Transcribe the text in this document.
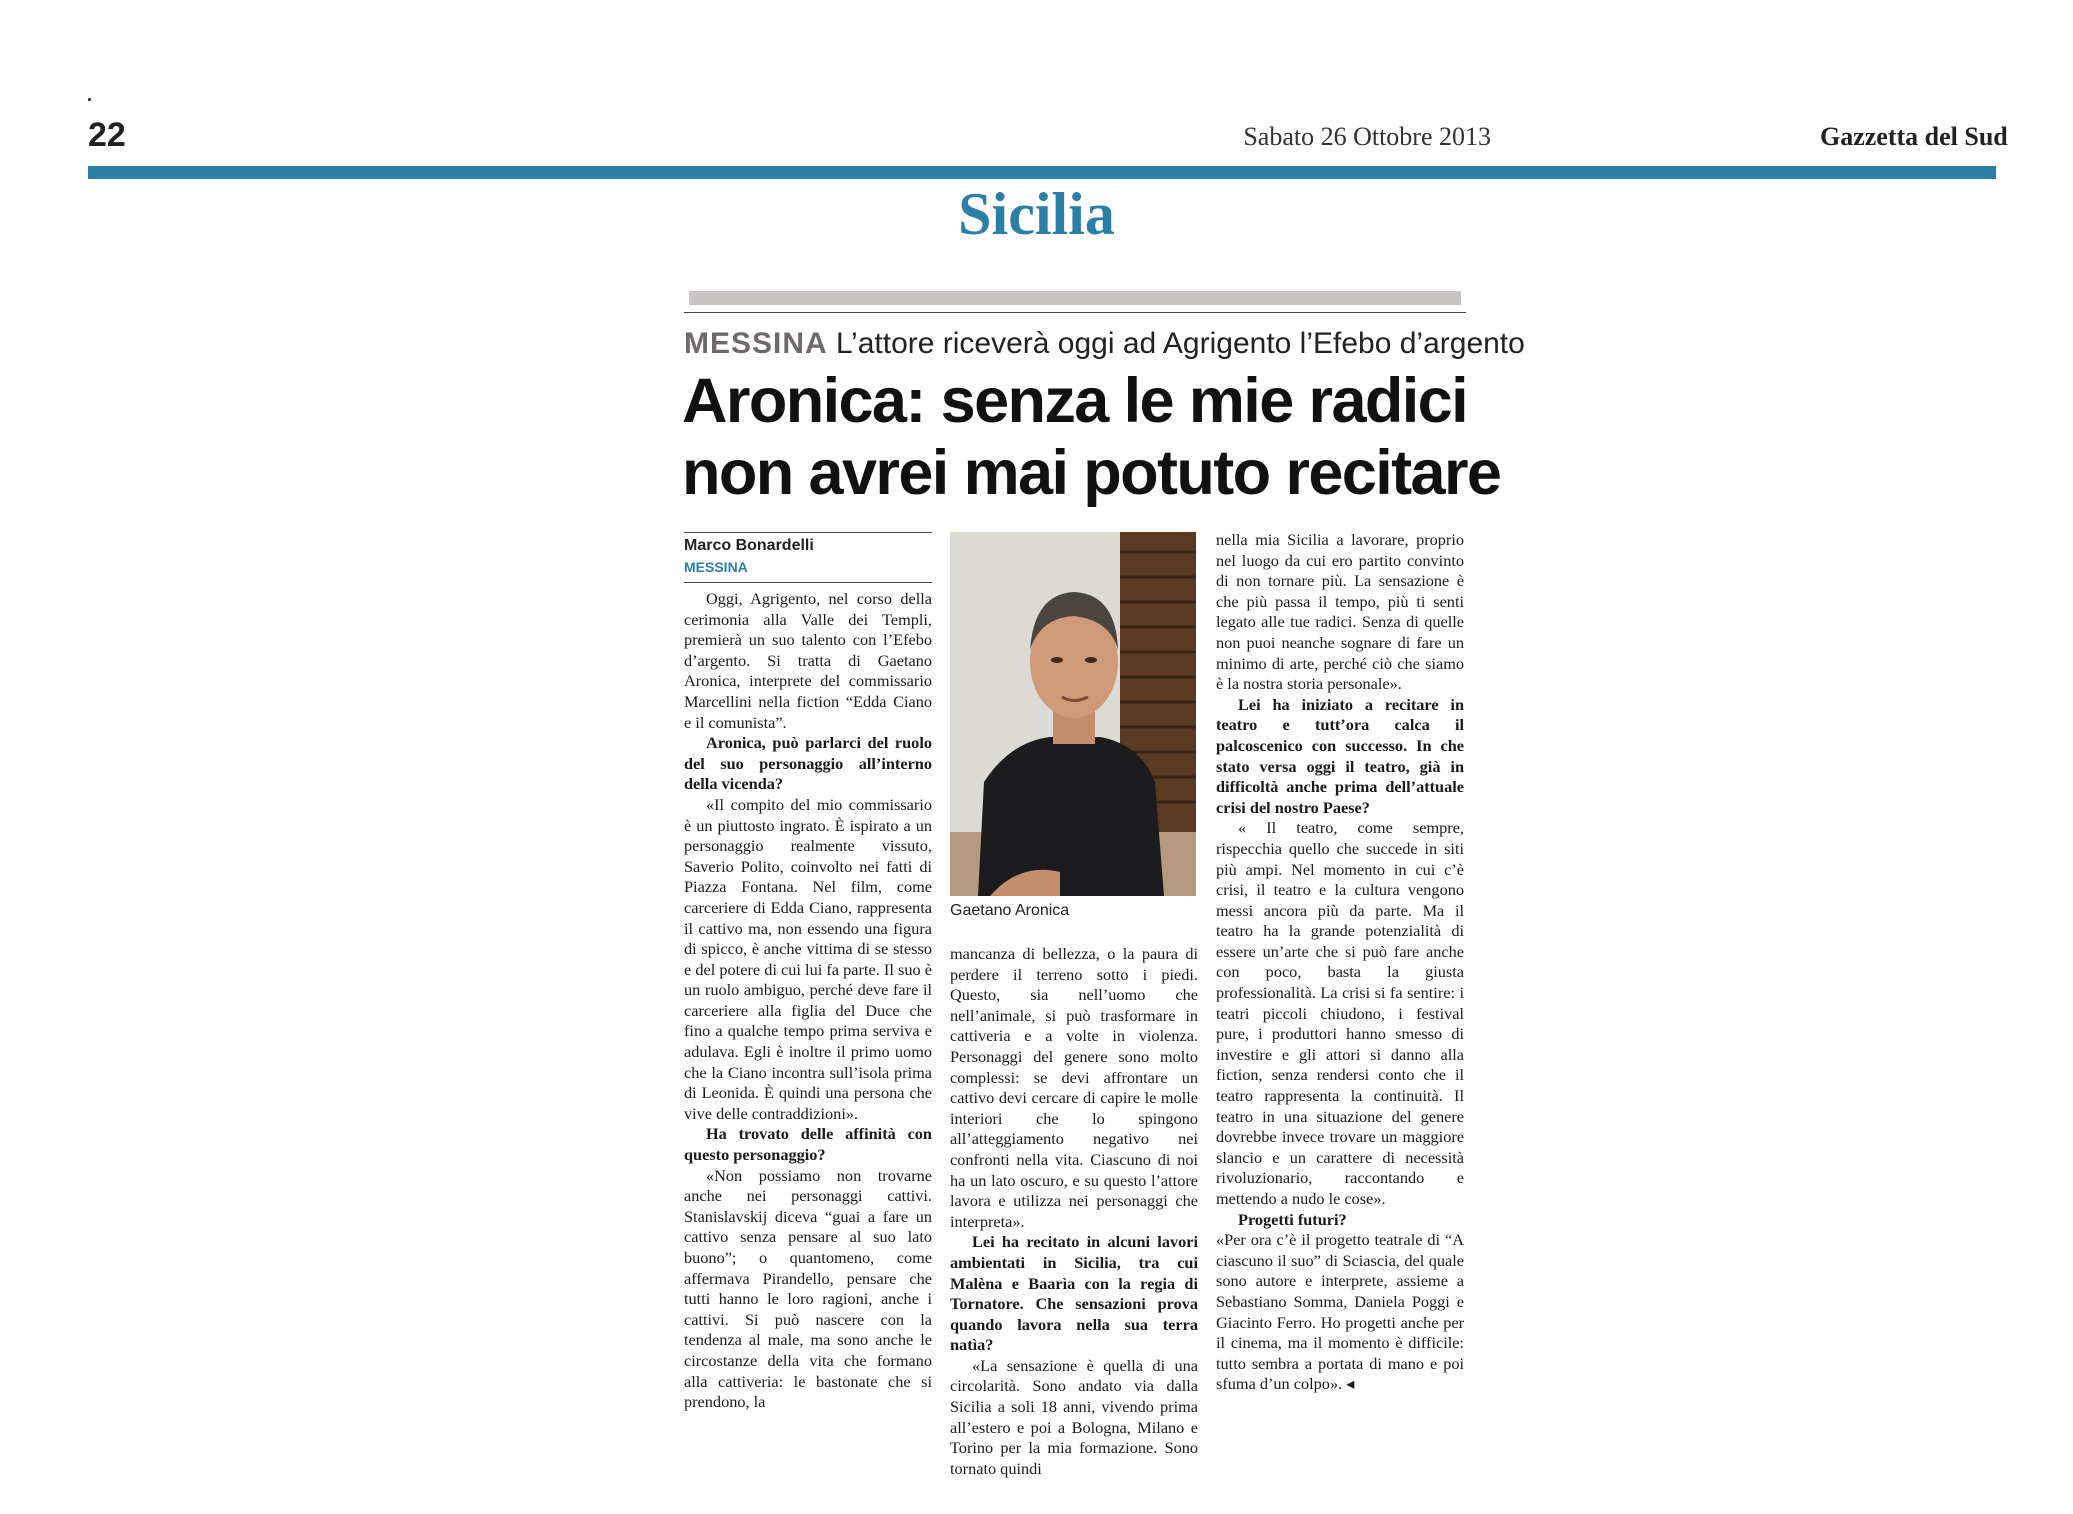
22	Sabato 26 Ottobre 2013	Gazzetta del Sud
Sicilia
MESSINA L’attore riceverà oggi ad Agrigento l’Efebo d’argento
Aronica: senza le mie radici
non avrei mai potuto recitare
Marco Bonardelli
MESSINA

Oggi, Agrigento, nel corso della cerimonia alla Valle dei Templi, premierà un suo talento con l’Efebo d’argento. Si tratta di Gaetano Aronica, interprete del commissario Marcellini nella fiction “Edda Ciano e il comunista”.

Aronica, può parlarci del ruolo del suo personaggio all’interno della vicenda?

«Il compito del mio commissario è un piuttosto ingrato. È ispirato a un personaggio realmente vissuto, Saverio Polito, coinvolto nei fatti di Piazza Fontana. Nel film, come carceriere di Edda Ciano, rappresenta il cattivo ma, non essendo una figura di spicco, è anche vittima di se stesso e del potere di cui lui fa parte. Il suo è un ruolo ambiguo, perché deve fare il carceriere alla figlia del Duce che fino a qualche tempo prima serviva e adulava. Egli è inoltre il primo uomo che la Ciano incontra sull’isola prima di Leonida. È quindi una persona che vive delle contraddizioni».

Ha trovato delle affinità con questo personaggio?

«Non possiamo non trovarne anche nei personaggi cattivi. Stanislavskij diceva “guai a fare un cattivo senza pensare al suo lato buono”; o quantomeno, come affermava Pirandello, pensare che tutti hanno le loro ragioni, anche i cattivi. Si può nascere con la tendenza al male, ma sono anche le circostanze della vita che formano alla cattiveria: le bastonate che si prendono, la

mancanza di bellezza, o la paura di perdere il terreno sotto i piedi. Questo, sia nell’uomo che nell’animale, si può trasformare in cattiveria e a volte in violenza. Personaggi del genere sono molto complessi: se devi affrontare un cattivo devi cercare di capire le molle interiori che lo spingono all’atteggiamento negativo nei confronti nella vita. Ciascuno di noi ha un lato oscuro, e su questo l’attore lavora e utilizza nei personaggi che interpreta».

Lei ha recitato in alcuni lavori ambientati in Sicilia, tra cui Malèna e Baarìa con la regia di Tornatore. Che sensazioni prova quando lavora nella sua terra natìa?

«La sensazione è quella di una circolarità. Sono andato via dalla Sicilia a soli 18 anni, vivendo prima all’estero e poi a Bologna, Milano e Torino per la mia formazione. Sono tornato quindi

nella mia Sicilia a lavorare, proprio nel luogo da cui ero partito convinto di non tornare più. La sensazione è che più passa il tempo, più ti senti legato alle tue radici. Senza di quelle non puoi neanche sognare di fare un minimo di arte, perché ciò che siamo è la nostra storia personale».

Lei ha iniziato a recitare in teatro e tutt’ora calca il palcoscenico con successo. In che stato versa oggi il teatro, già in difficoltà anche prima dell’attuale crisi del nostro Paese?

« Il teatro, come sempre, rispecchia quello che succede in siti più ampi. Nel momento in cui c’è crisi, il teatro e la cultura vengono messi ancora più da parte. Ma il teatro ha la grande potenzialità di essere un’arte che si può fare anche con poco, basta la giusta professionalità. La crisi si fa sentire: i teatri piccoli chiudono, i festival pure, i produttori hanno smesso di investire e gli attori si danno alla fiction, senza rendersi conto che il teatro rappresenta la continuità. Il teatro in una situazione del genere dovrebbe invece trovare un maggiore slancio e un carattere di necessità rivoluzionario, raccontando e mettendo a nudo le cose».

Progetti futuri?

«Per ora c’è il progetto teatrale di “A ciascuno il suo” di Sciascia, del quale sono autore e interprete, assieme a Sebastiano Somma, Daniela Poggi e Giacinto Ferro. Ho progetti anche per il cinema, ma il momento è difficile: tutto sembra a portata di mano e poi sfuma d’un colpo». ◂

Gaetano Aronica
